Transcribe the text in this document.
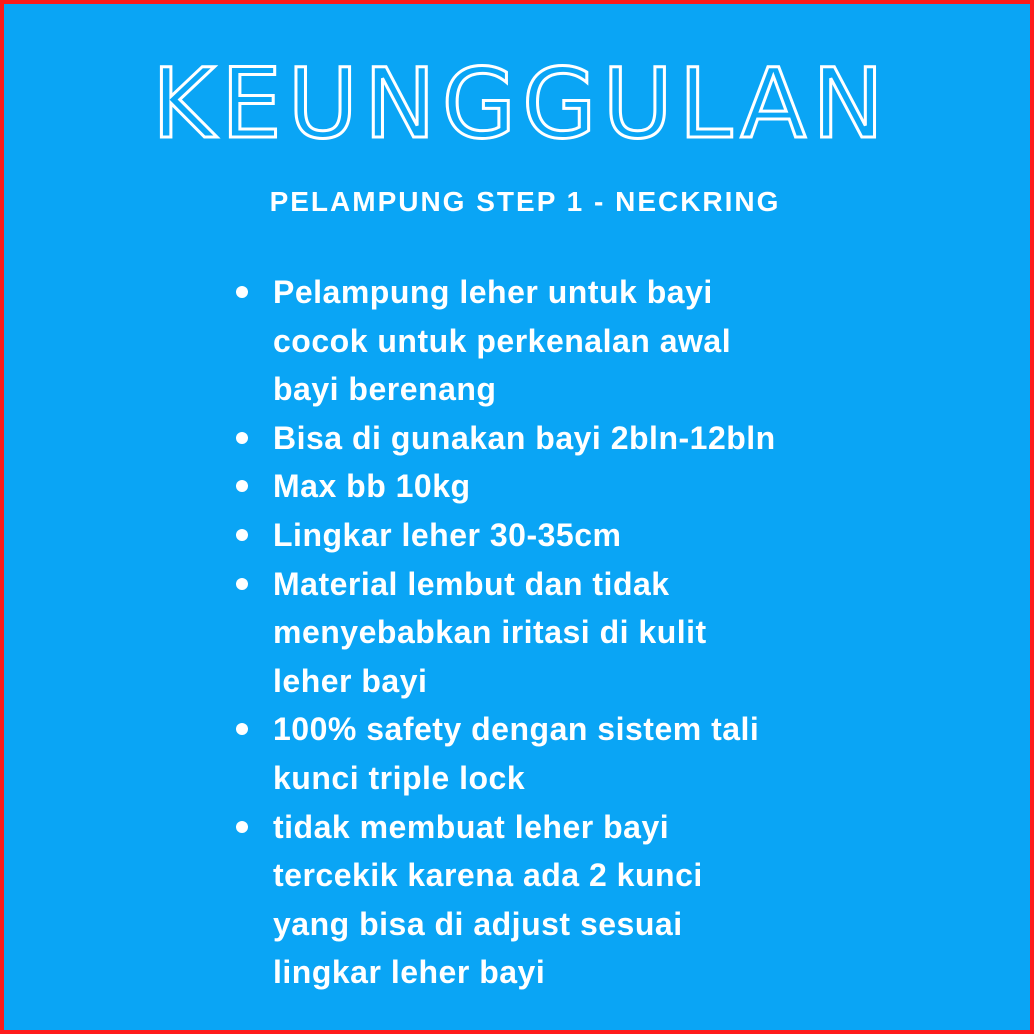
KEUNGGULAN
PELAMPUNG STEP 1 - NECKRING
Pelampung leher untuk bayi
cocok untuk perkenalan awal
bayi berenang
Bisa di gunakan bayi 2bln-12bln
Max bb 10kg
Lingkar leher 30-35cm
Material lembut dan tidak
menyebabkan iritasi di kulit
leher bayi
100% safety dengan sistem tali
kunci triple lock
tidak membuat leher bayi
tercekik karena ada 2 kunci
yang bisa di adjust sesuai
lingkar leher bayi
